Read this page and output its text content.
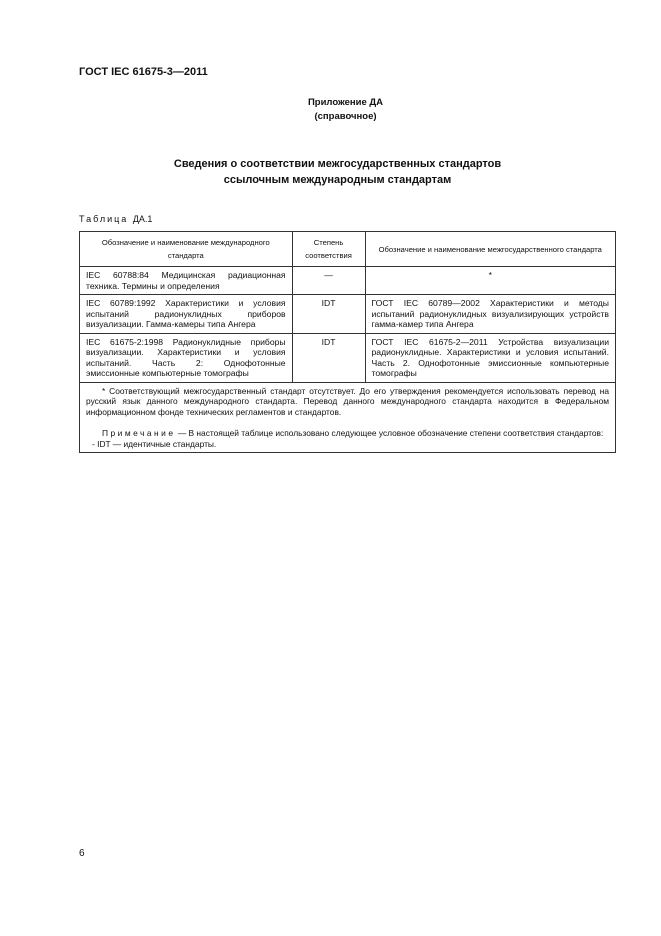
ГОСТ IEC 61675-3—2011
Приложение ДА
(справочное)
Сведения о соответствии межгосударственных стандартов
ссылочным международным стандартам
Таблица ДА.1
Обозначение и наименование международного стандарта	Степень соответствия	Обозначение и наименование межгосударственного стандарта
IEC 60788:84 Медицинская радиационная техника. Термины и определения	—	*
IEC 60789:1992 Характеристики и условия испытаний радионуклидных приборов визуализации. Гамма-камеры типа Ангера	IDT	ГОСТ IEC 60789—2002 Характеристики и методы испытаний радионуклидных визуализирующих устройств гамма-камер типа Ангера
IEC 61675-2:1998 Радионуклидные приборы визуализации. Характеристики и условия испытаний. Часть 2: Однофотонные эмиссионные компьютерные томографы	IDT	ГОСТ IEC 61675-2—2011 Устройства визуализации радионуклидные. Характеристики и условия испытаний. Часть 2. Однофотонные эмиссионные компьютерные томографы

* Соответствующий межгосударственный стандарт отсутствует. До его утверждения рекомендуется использовать перевод на русский язык данного международного стандарта. Перевод данного международного стандарта находится в Федеральном информационном фонде технических регламентов и стандартов.
Примечание — В настоящей таблице использовано следующее условное обозначение степени соответствия стандартов:
- IDT — идентичные стандарты.		
6
